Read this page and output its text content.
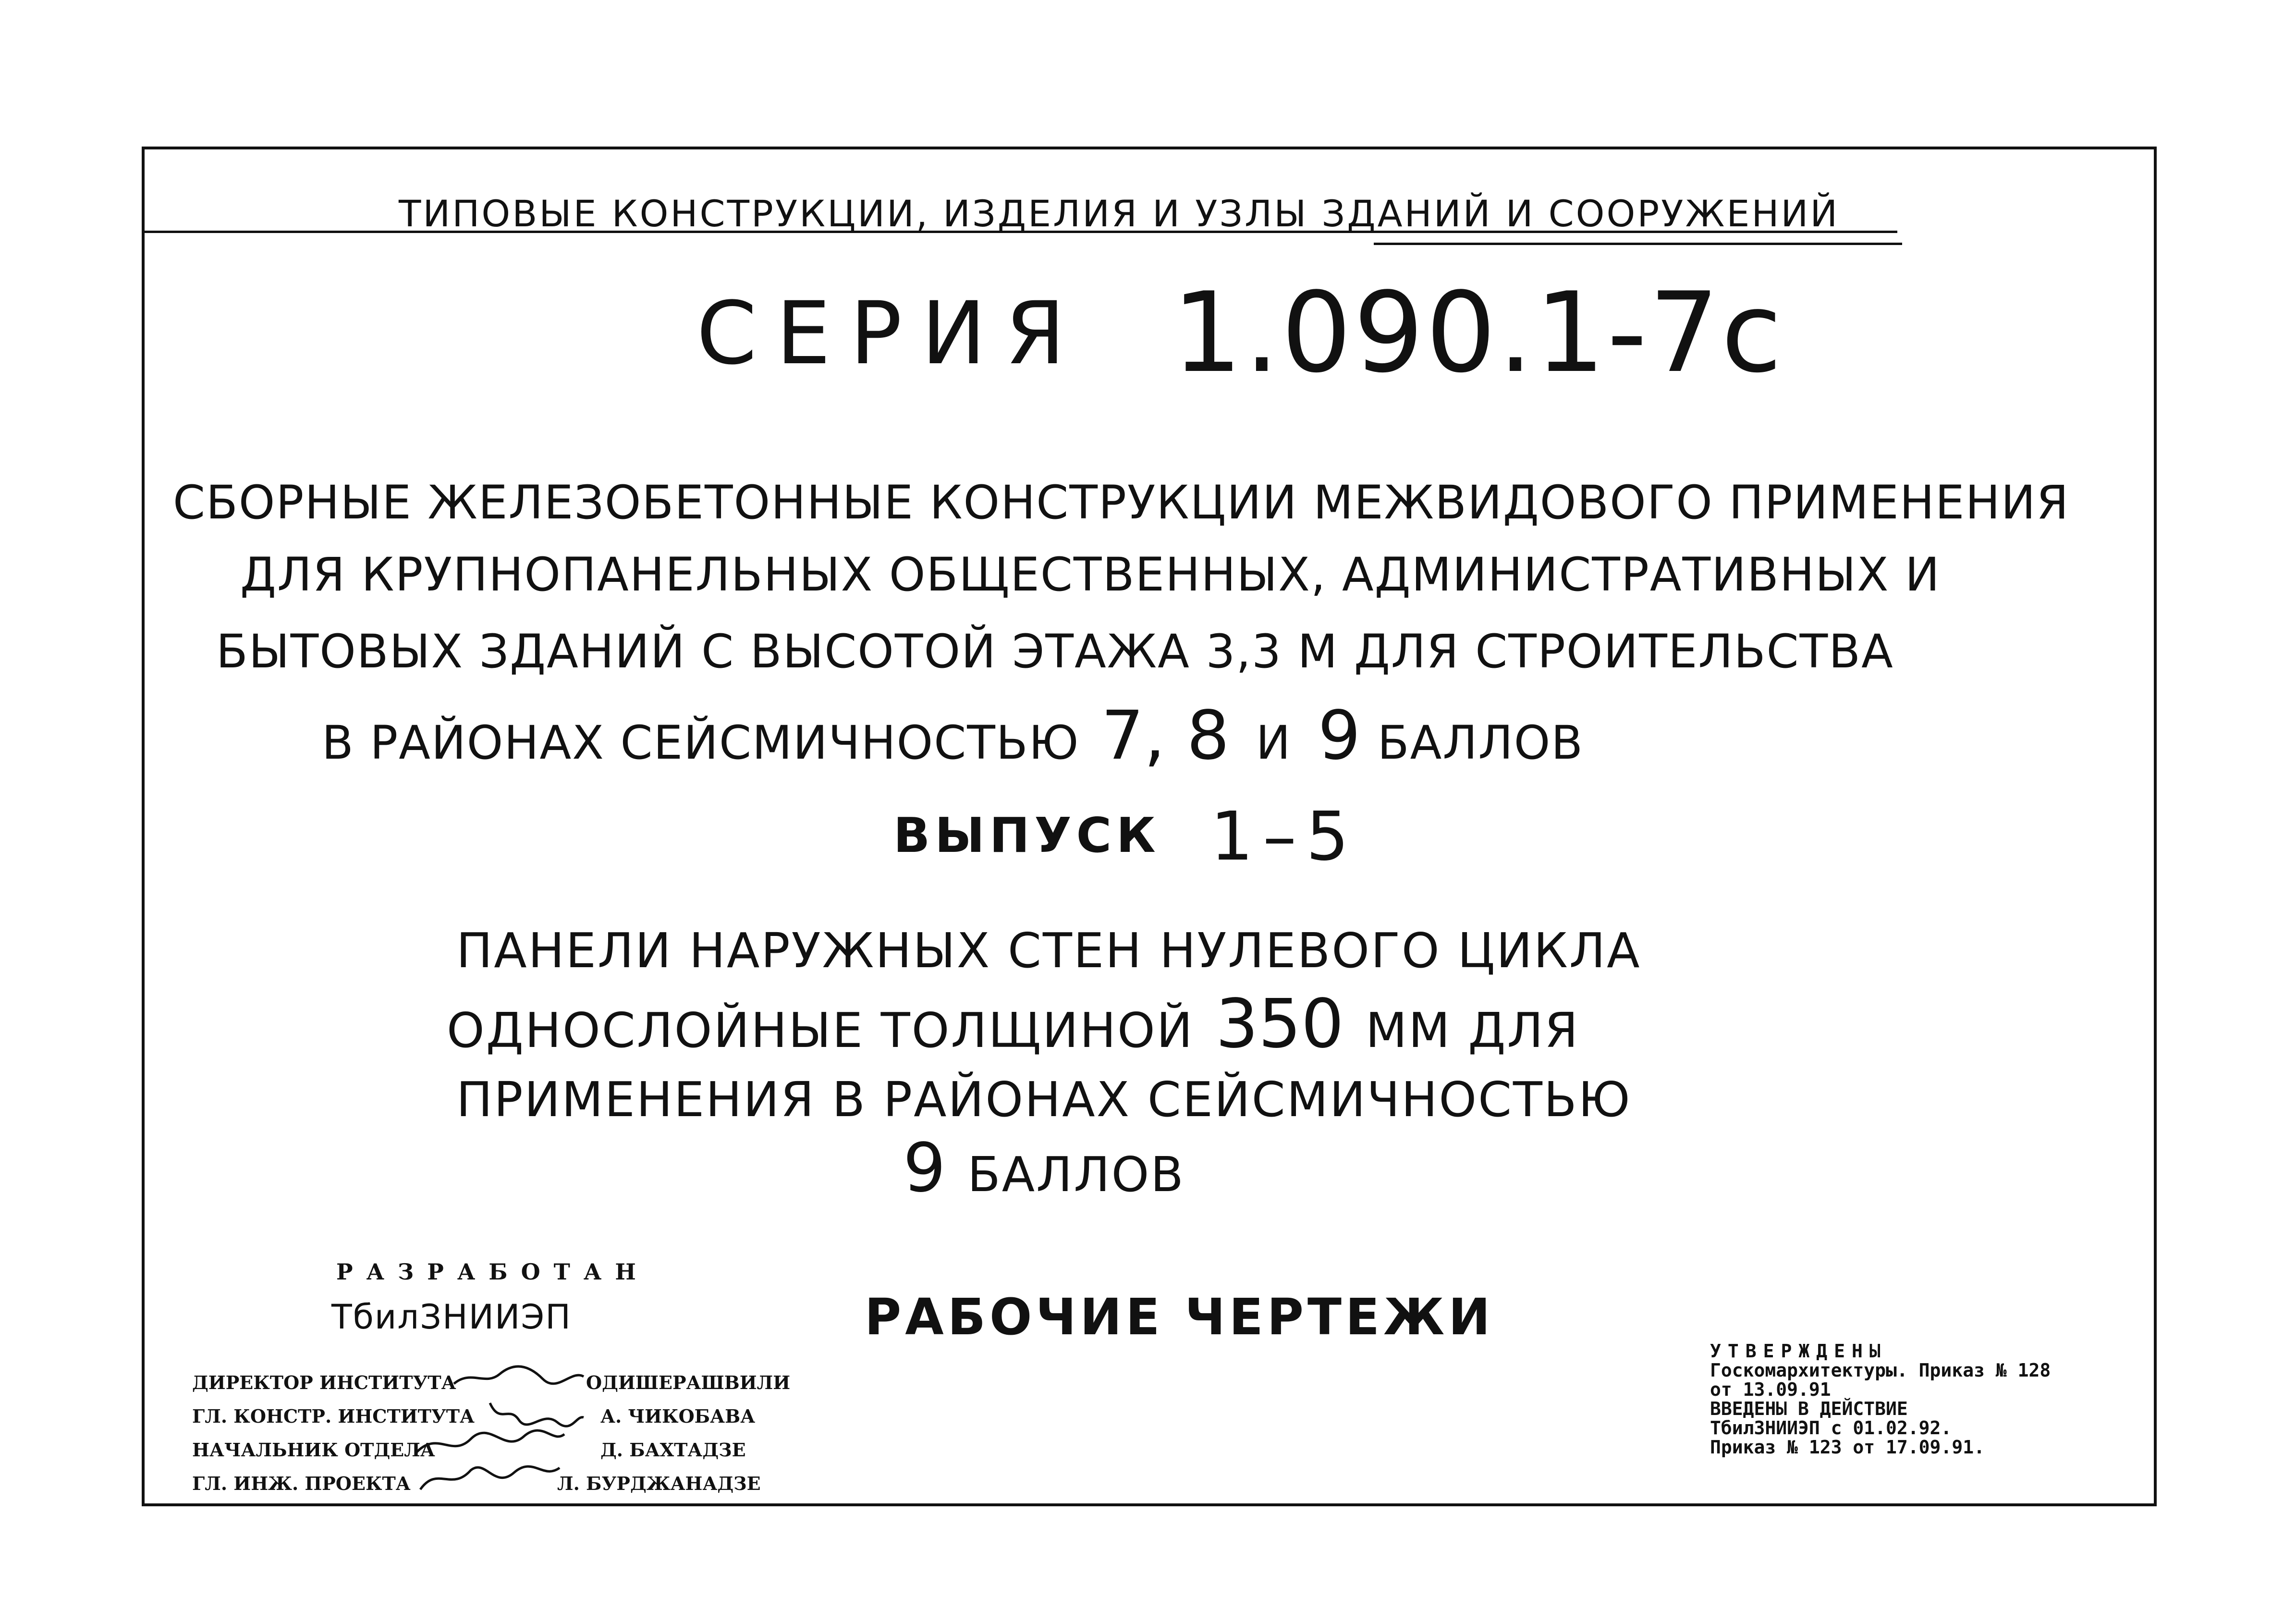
ТИПОВЫЕ КОНСТРУКЦИИ, ИЗДЕЛИЯ И УЗЛЫ ЗДАНИЙ И СООРУЖЕНИЙ
СЕРИЯ 1.090.1-7с
СБОРНЫЕ ЖЕЛЕЗОБЕТОННЫЕ КОНСТРУКЦИИ МЕЖВИДОВОГО ПРИМЕНЕНИЯ
ДЛЯ КРУПНОПАНЕЛЬНЫХ ОБЩЕСТВЕННЫХ, АДМИНИСТРАТИВНЫХ И
БЫТОВЫХ ЗДАНИЙ С ВЫСОТОЙ ЭТАЖА 3,3 М ДЛЯ СТРОИТЕЛЬСТВА
В РАЙОНАХ СЕЙСМИЧНОСТЬЮ 7, 8 И 9 БАЛЛОВ
ВЫПУСК 1–5
ПАНЕЛИ НАРУЖНЫХ СТЕН НУЛЕВОГО ЦИКЛА
ОДНОСЛОЙНЫЕ ТОЛЩИНОЙ 350 ММ ДЛЯ
ПРИМЕНЕНИЯ В РАЙОНАХ СЕЙСМИЧНОСТЬЮ
9 БАЛЛОВ
РАЗРАБОТАН
ТбилЗНИИЭП
ДИРЕКТОР ИНСТИТУТА	ОДИШЕРАШВИЛИ
ГЛ. КОНСТР. ИНСТИТУТА	А. ЧИКОБАВА
НАЧАЛЬНИК ОТДЕЛА	Д. БАХТАДЗЕ
ГЛ. ИНЖ. ПРОЕКТА	Л. БУРДЖАНАДЗЕ
РАБОЧИЕ ЧЕРТЕЖИ
УТВЕРЖДЕНЫ
Госкомархитектуры. Приказ № 128
от 13.09.91
ВВЕДЕНЫ В ДЕЙСТВИЕ
ТбилЗНИИЭП с 01.02.92.
Приказ № 123 от 17.09.91.
